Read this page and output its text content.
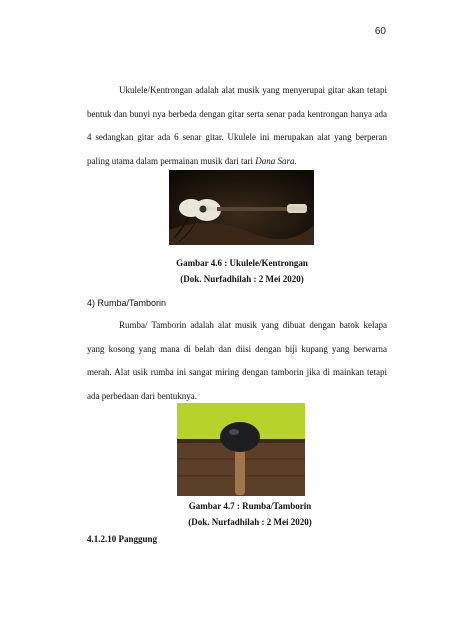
60
Ukulele/Kentrongan adalah alat musik yang menyerupai gitar akan tetapi
bentuk dan bunyi nya berbeda dengan gitar serta senar pada kentrongan hanya ada
4 sedangkan gitar ada 6 senar gitar. Ukulele ini merupakan alat yang berperan
paling utama dalam permainan musik dari tari Dana Sara.
Gambar 4.6 : Ukulele/Kentrongan
(Dok. Nurfadhilah : 2 Mei 2020)
4) Rumba/Tamborin
Rumba/ Tamborin adalah alat musik yang dibuat dengan batok kelapa
yang kosong yang mana di belah dan diisi dengan biji kupang yang berwarna
merah. Alat usik rumba ini sangat miring dengan tamborin jika di mainkan tetapi
ada perbedaan dari bentuknya.
Gambar 4.7 : Rumba/Tamborin
(Dok. Nurfadhilah : 2 Mei 2020)
4.1.2.10 Panggung
